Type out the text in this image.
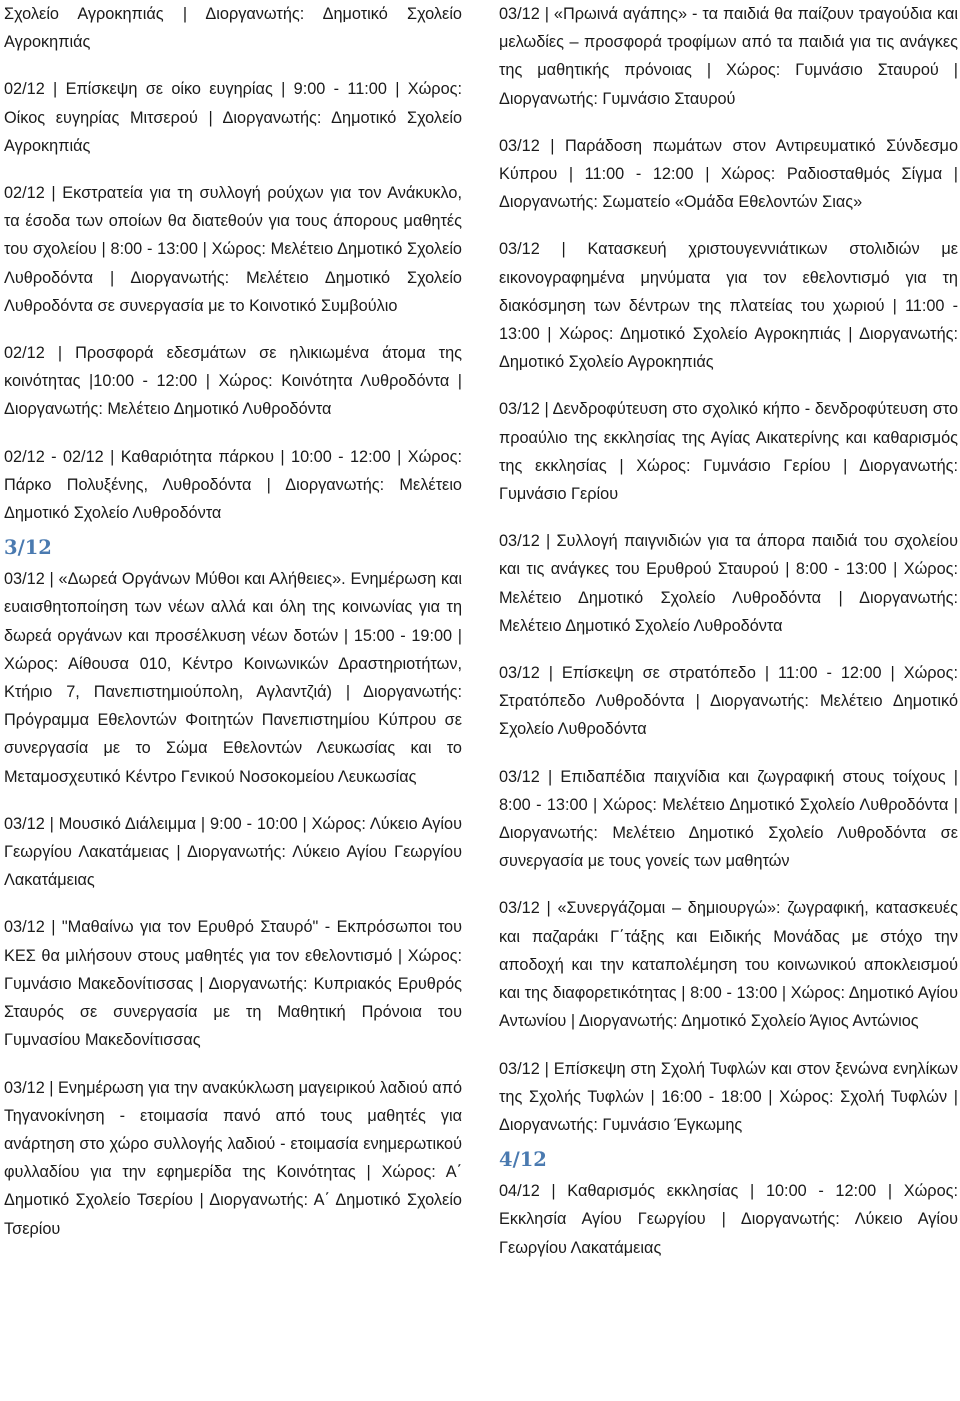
Σχολείο Αγροκηπιάς | Διοργανωτής: Δημοτικό Σχολείο Αγροκηπιάς

02/12 | Επίσκεψη σε οίκο ευγηρίας | 9:00 - 11:00 | Χώρος: Οίκος ευγηρίας Μιτσερού | Διοργανωτής: Δημοτικό Σχολείο Αγροκηπιάς

02/12 | Εκστρατεία για τη συλλογή ρούχων για τον Ανάκυκλο, τα έσοδα των οποίων θα διατεθούν για τους άπορους μαθητές του σχολείου | 8:00 - 13:00 | Χώρος: Μελέτειο Δημοτικό Σχολείο Λυθροδόντα | Διοργανωτής: Μελέτειο Δημοτικό Σχολείο Λυθροδόντα σε συνεργασία με το Κοινοτικό Συμβούλιο

02/12 | Προσφορά εδεσμάτων σε ηλικιωμένα άτομα της κοινότητας |10:00 - 12:00 | Χώρος: Κοινότητα Λυθροδόντα | Διοργανωτής: Μελέτειο Δημοτικό Λυθροδόντα

02/12 - 02/12 | Καθαριότητα πάρκου | 10:00 - 12:00 | Χώρος: Πάρκο Πολυξένης, Λυθροδόντα | Διοργανωτής: Μελέτειο Δημοτικό Σχολείο Λυθροδόντα

3/12

03/12 | «Δωρεά Οργάνων Μύθοι και Αλήθειες». Ενημέρωση και ευαισθητοποίηση των νέων αλλά και όλη της κοινωνίας για τη δωρεά οργάνων και προσέλκυση νέων δοτών | 15:00 - 19:00 | Χώρος: Αίθουσα 010, Κέντρο Κοινωνικών Δραστηριοτήτων, Κτήριο 7, Πανεπιστημιούπολη, Αγλαντζιά) | Διοργανωτής: Πρόγραμμα Εθελοντών Φοιτητών Πανεπιστημίου Κύπρου σε συνεργασία με το Σώμα Εθελοντών Λευκωσίας και το Μεταμοσχευτικό Κέντρο Γενικού Νοσοκομείου Λευκωσίας

03/12 | Μουσικό Διάλειμμα | 9:00 - 10:00 | Χώρος: Λύκειο Αγίου Γεωργίου Λακατάμειας | Διοργανωτής: Λύκειο Αγίου Γεωργίου Λακατάμειας

03/12 | "Μαθαίνω για τον Ερυθρό Σταυρό" - Εκπρόσωποι του ΚΕΣ θα μιλήσουν στους μαθητές για τον εθελοντισμό | Χώρος: Γυμνάσιο Μακεδονίτισσας | Διοργανωτής: Κυπριακός Ερυθρός Σταυρός σε συνεργασία με τη Μαθητική Πρόνοια του Γυμνασίου Μακεδονίτισσας

03/12 | Ενημέρωση για την ανακύκλωση μαγειρικού λαδιού από Τηγανοκίνηση - ετοιμασία πανό από τους μαθητές για ανάρτηση στο χώρο συλλογής λαδιού - ετοιμασία ενημερωτικού φυλλαδίου για την εφημερίδα της Κοινότητας | Χώρος: Α΄ Δημοτικό Σχολείο Τσερίου | Διοργανωτής: Α΄ Δημοτικό Σχολείο Τσερίου

03/12 | «Πρωινά αγάπης» - τα παιδιά θα παίζουν τραγούδια και μελωδίες – προσφορά τροφίμων από τα παιδιά για τις ανάγκες της μαθητικής πρόνοιας | Χώρος: Γυμνάσιο Σταυρού | Διοργανωτής: Γυμνάσιο Σταυρού

03/12 | Παράδοση πωμάτων στον Αντιρευματικό Σύνδεσμο Κύπρου | 11:00 - 12:00 | Χώρος: Ραδιοσταθμός Σίγμα | Διοργανωτής: Σωματείο «Ομάδα Εθελοντών Σιας»

03/12 | Κατασκευή χριστουγεννιάτικων στολιδιών με εικονογραφημένα μηνύματα για τον εθελοντισμό για τη διακόσμηση των δέντρων της πλατείας του χωριού | 11:00 - 13:00 | Χώρος: Δημοτικό Σχολείο Αγροκηπιάς | Διοργανωτής: Δημοτικό Σχολείο Αγροκηπιάς

03/12 | Δενδροφύτευση στο σχολικό κήπο - δενδροφύτευση στο προαύλιο της εκκλησίας της Αγίας Αικατερίνης και καθαρισμός της εκκλησίας | Χώρος: Γυμνάσιο Γερίου | Διοργανωτής: Γυμνάσιο Γερίου

03/12 | Συλλογή παιγνιδιών για τα άπορα παιδιά του σχολείου και τις ανάγκες του Ερυθρού Σταυρού | 8:00 - 13:00 | Χώρος: Μελέτειο Δημοτικό Σχολείο Λυθροδόντα | Διοργανωτής: Μελέτειο Δημοτικό Σχολείο Λυθροδόντα

03/12 | Επίσκεψη σε στρατόπεδο | 11:00 - 12:00 | Χώρος: Στρατόπεδο Λυθροδόντα | Διοργανωτής: Μελέτειο Δημοτικό Σχολείο Λυθροδόντα

03/12 | Επιδαπέδια παιχνίδια και ζωγραφική στους τοίχους | 8:00 - 13:00 | Χώρος: Μελέτειο Δημοτικό Σχολείο Λυθροδόντα | Διοργανωτής: Μελέτειο Δημοτικό Σχολείο Λυθροδόντα σε συνεργασία με τους γονείς των μαθητών

03/12 | «Συνεργάζομαι – δημιουργώ»: ζωγραφική, κατασκευές και παζαράκι Γ΄τάξης και Ειδικής Μονάδας με στόχο την αποδοχή και την καταπολέμηση του κοινωνικού αποκλεισμού και της διαφορετικότητας | 8:00 - 13:00 | Χώρος: Δημοτικό Αγίου Αντωνίου | Διοργανωτής: Δημοτικό Σχολείο Άγιος Αντώνιος

03/12 | Επίσκεψη στη Σχολή Τυφλών και στον ξενώνα ενηλίκων της Σχολής Τυφλών | 16:00 - 18:00 | Χώρος: Σχολή Τυφλών | Διοργανωτής: Γυμνάσιο Έγκωμης

4/12

04/12 | Καθαρισμός εκκλησίας | 10:00 - 12:00 | Χώρος: Εκκλησία Αγίου Γεωργίου | Διοργανωτής: Λύκειο Αγίου Γεωργίου Λακατάμειας
